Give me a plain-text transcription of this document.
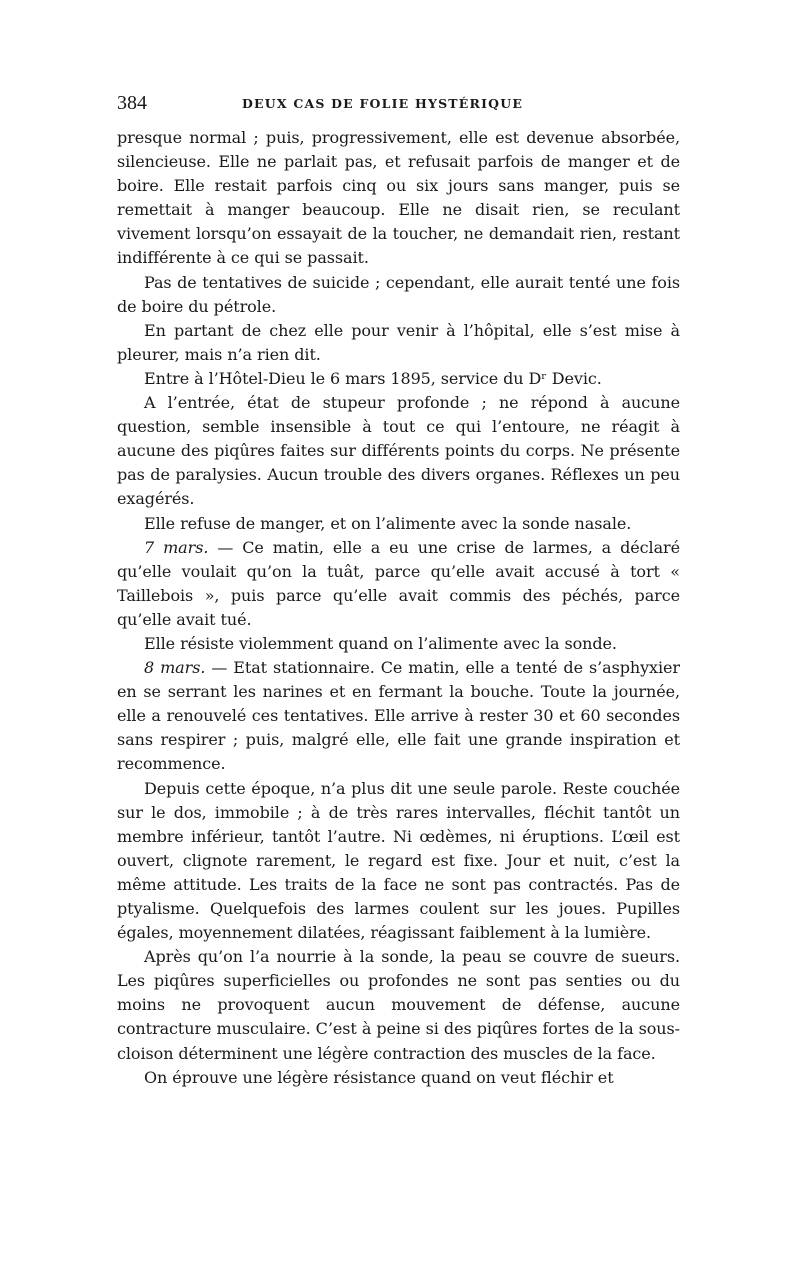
384	DEUX CAS DE FOLIE HYSTÉRIQUE

presque normal ; puis, progressivement, elle est devenue absorbée, silencieuse. Elle ne parlait pas, et refusait parfois de manger et de boire. Elle restait parfois cinq ou six jours sans manger, puis se remettait à manger beaucoup. Elle ne disait rien, se reculant vivement lorsqu’on essayait de la toucher, ne demandait rien, restant indifférente à ce qui se passait.

Pas de tentatives de suicide ; cependant, elle aurait tenté une fois de boire du pétrole.

En partant de chez elle pour venir à l’hôpital, elle s’est mise à pleurer, mais n’a rien dit.

Entre à l’Hôtel-Dieu le 6 mars 1895, service du Dʳ Devic.

A l’entrée, état de stupeur profonde ; ne répond à aucune question, semble insensible à tout ce qui l’entoure, ne réagit à aucune des piqûres faites sur différents points du corps. Ne présente pas de paralysies. Aucun trouble des divers organes. Réflexes un peu exagérés.

Elle refuse de manger, et on l’alimente avec la sonde nasale.

7 mars. — Ce matin, elle a eu une crise de larmes, a déclaré qu’elle voulait qu’on la tuât, parce qu’elle avait accusé à tort « Taillebois », puis parce qu’elle avait commis des péchés, parce qu’elle avait tué.

Elle résiste violemment quand on l’alimente avec la sonde.

8 mars. — Etat stationnaire. Ce matin, elle a tenté de s’asphyxier en se serrant les narines et en fermant la bouche. Toute la journée, elle a renouvelé ces tentatives. Elle arrive à rester 30 et 60 secondes sans respirer ; puis, malgré elle, elle fait une grande inspiration et recommence.

Depuis cette époque, n’a plus dit une seule parole. Reste couchée sur le dos, immobile ; à de très rares intervalles, fléchit tantôt un membre inférieur, tantôt l’autre. Ni œdèmes, ni éruptions. L’œil est ouvert, clignote rarement, le regard est fixe. Jour et nuit, c’est la même attitude. Les traits de la face ne sont pas contractés. Pas de ptyalisme. Quelquefois des larmes coulent sur les joues. Pupilles égales, moyennement dilatées, réagissant faiblement à la lumière.

Après qu’on l’a nourrie à la sonde, la peau se couvre de sueurs. Les piqûres superficielles ou profondes ne sont pas senties ou du moins ne provoquent aucun mouvement de défense, aucune contracture musculaire. C’est à peine si des piqûres fortes de la sous-cloison déterminent une légère contraction des muscles de la face.

On éprouve une légère résistance quand on veut fléchir et
